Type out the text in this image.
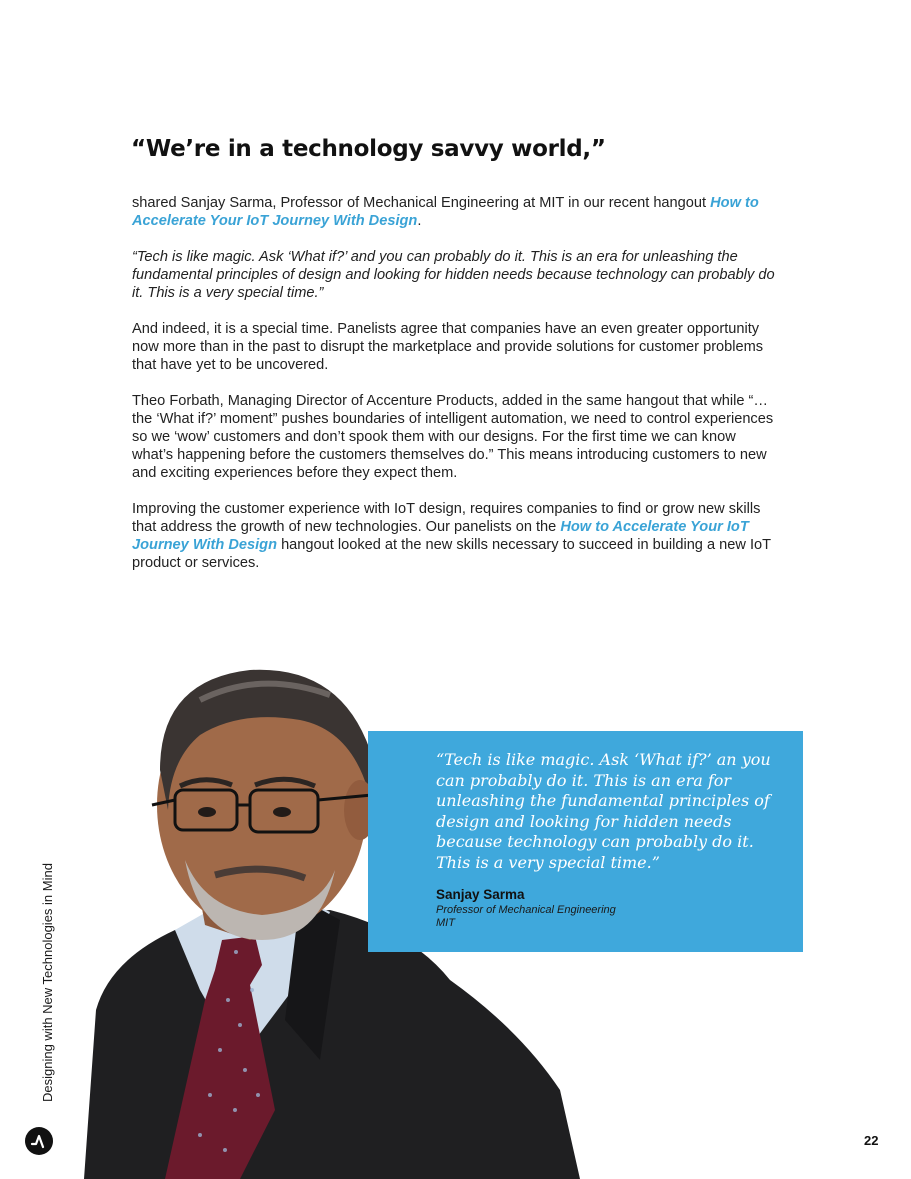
“We’re in a technology savvy world,”

shared Sanjay Sarma, Professor of Mechanical Engineering at MIT in our recent hangout How to Accelerate Your IoT Journey With Design.

“Tech is like magic. Ask ‘What if?’ and you can probably do it. This is an era for unleashing the fundamental principles of design and looking for hidden needs because technology can probably do it. This is a very special time.”

And indeed, it is a special time. Panelists agree that companies have an even greater opportunity now more than in the past to disrupt the marketplace and provide solutions for customer problems that have yet to be uncovered.

Theo Forbath, Managing Director of Accenture Products, added in the same hangout that while “…the ‘What if?’ moment” pushes boundaries of intelligent automation, we need to control experiences so we ‘wow’ customers and don’t spook them with our designs. For the first time we can know what’s happening before the customers themselves do.” This means introducing customers to new and exciting experiences before they expect them.

Improving the customer experience with IoT design, requires companies to find or grow new skills that address the growth of new technologies. Our panelists on the How to Accelerate Your IoT Journey With Design hangout looked at the new skills necessary to succeed in building a new IoT product or services.

“Tech is like magic. Ask ‘What if?’ an you can probably do it. This is an era for unleashing the fundamental principles of design and looking for hidden needs because technology can probably do it. This is a very special time.”

Sanjay Sarma
Professor of Mechanical Engineering
MIT
Designing with New Technologies in Mind
22
